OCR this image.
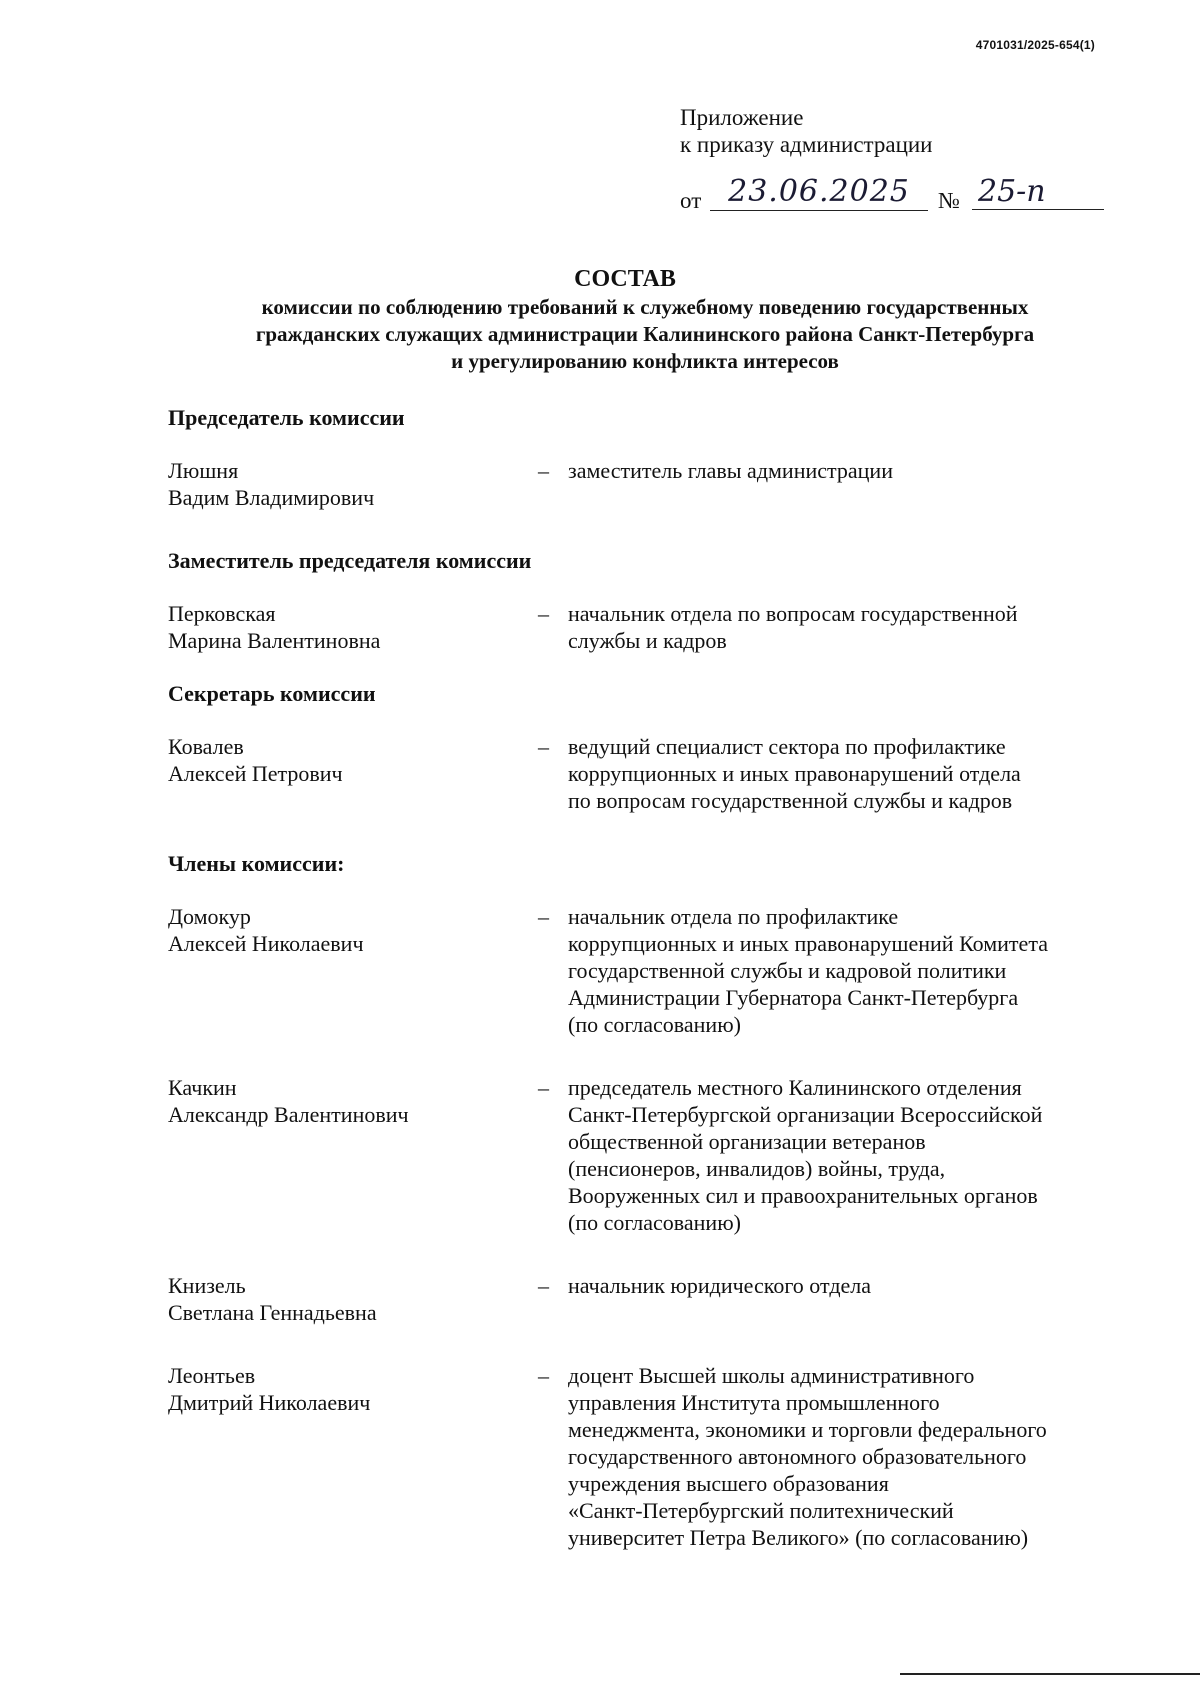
4701031/2025-654(1)
Приложение
к приказу администрации
от 23.06.2025	№ 25-п
СОСТАВ
комиссии по соблюдению требований к служебному поведению государственных
гражданских служащих администрации Калининского района Санкт-Петербурга
и урегулированию конфликта интересов
Председатель комиссии
Люшня
Вадим Владимирович
– заместитель главы администрации
Заместитель председателя комиссии
Перковская
Марина Валентиновна
– начальник отдела по вопросам государственной
службы и кадров
Секретарь комиссии
Ковалев
Алексей Петрович
– ведущий специалист сектора по профилактике
коррупционных и иных правонарушений отдела
по вопросам государственной службы и кадров
Члены комиссии:
Домокур
Алексей Николаевич
– начальник отдела по профилактике
коррупционных и иных правонарушений Комитета
государственной службы и кадровой политики
Администрации Губернатора Санкт-Петербурга
(по согласованию)
Качкин
Александр Валентинович
– председатель местного Калининского отделения
Санкт-Петербургской организации Всероссийской
общественной организации ветеранов
(пенсионеров, инвалидов) войны, труда,
Вооруженных сил и правоохранительных органов
(по согласованию)
Книзель
Светлана Геннадьевна
– начальник юридического отдела
Леонтьев
Дмитрий Николаевич
– доцент Высшей школы административного
управления Института промышленного
менеджмента, экономики и торговли федерального
государственного автономного образовательного
учреждения высшего образования
«Санкт-Петербургский политехнический
университет Петра Великого» (по согласованию)
